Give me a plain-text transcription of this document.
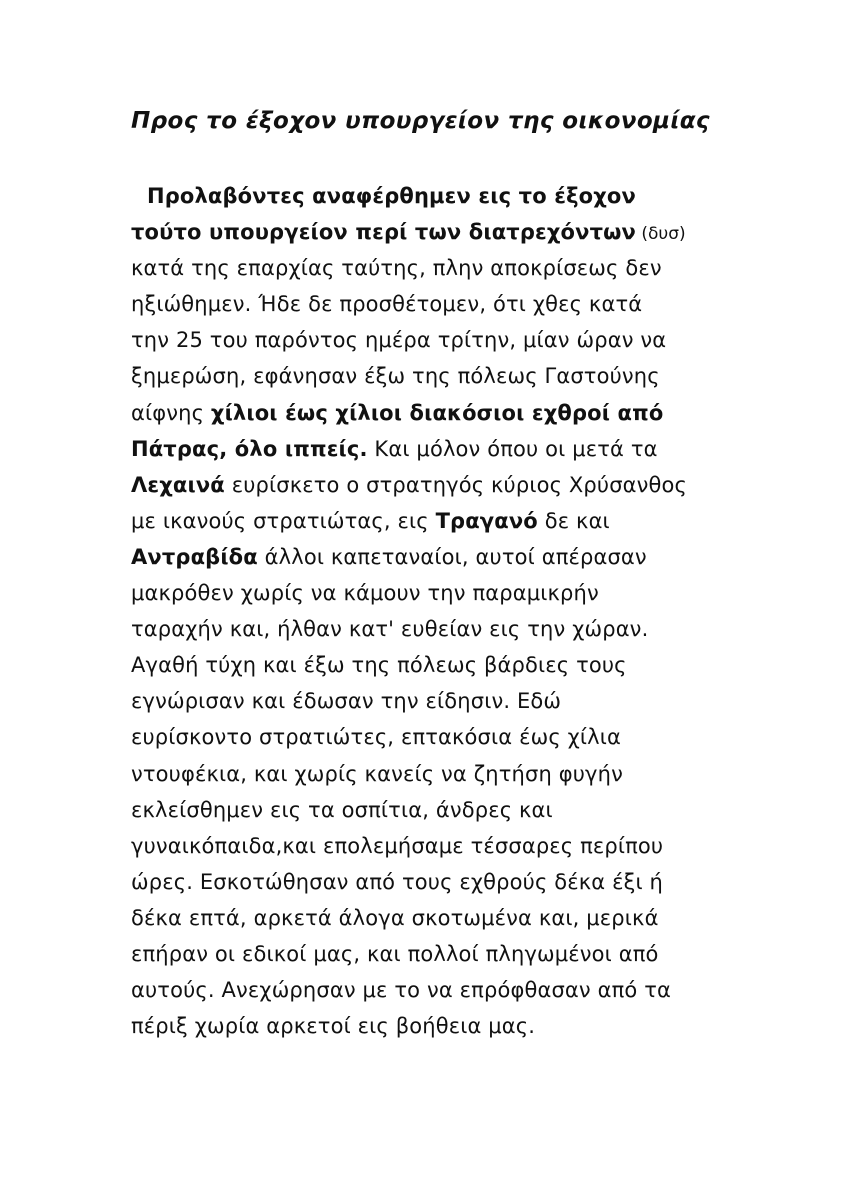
Προς το έξοχον υπουργείον της οικονομίας
Προλαβόντες αναφέρθημεν εις το έξοχον
τούτο υπουργείον περί των διατρεχόντων (δυσ)
κατά της επαρχίας ταύτης, πλην αποκρίσεως δεν
ηξιώθημεν. Ήδε δε προσθέτομεν, ότι χθες κατά
την 25 του παρόντος ημέρα τρίτην, μίαν ώραν να
ξημερώση, εφάνησαν έξω της πόλεως Γαστούνης
αίφνης χίλιοι έως χίλιοι διακόσιοι εχθροί από
Πάτρας, όλο ιππείς. Και μόλον όπου οι μετά τα
Λεχαινά ευρίσκετο ο στρατηγός κύριος Χρύσανθος
με ικανούς στρατιώτας, εις Τραγανό δε και
Αντραβίδα άλλοι καπεταναίοι, αυτοί απέρασαν
μακρόθεν χωρίς να κάμουν την παραμικρήν
ταραχήν και, ήλθαν κατ' ευθείαν εις την χώραν.
Αγαθή τύχη και έξω της πόλεως βάρδιες τους
εγνώρισαν και έδωσαν την είδησιν. Εδώ
ευρίσκοντο στρατιώτες, επτακόσια έως χίλια
ντουφέκια, και χωρίς κανείς να ζητήση φυγήν
εκλείσθημεν εις τα οσπίτια, άνδρες και
γυναικόπαιδα,και επολεμήσαμε τέσσαρες περίπου
ώρες. Εσκοτώθησαν από τους εχθρούς δέκα έξι ή
δέκα επτά, αρκετά άλογα σκοτωμένα και, μερικά
επήραν οι εδικοί μας, και πολλοί πληγωμένοι από
αυτούς. Ανεχώρησαν με το να επρόφθασαν από τα
πέριξ χωρία αρκετοί εις βοήθεια μας.
